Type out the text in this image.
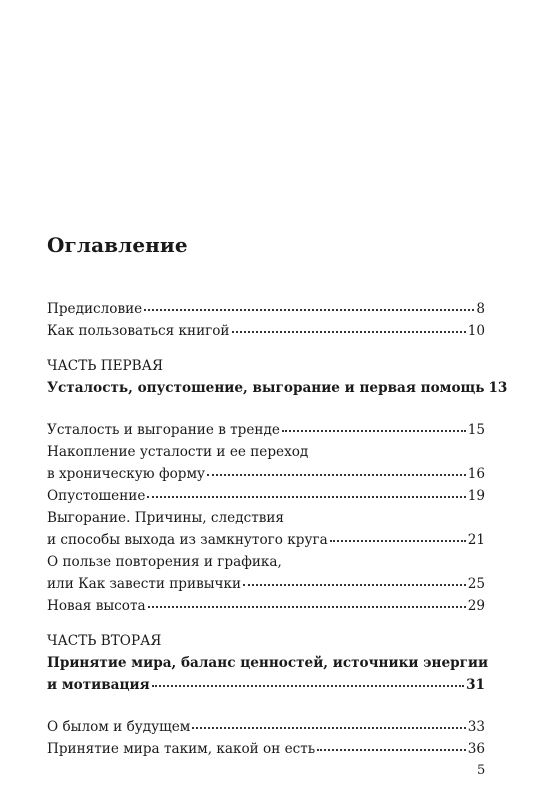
Оглавление
Предисловие	8
Как пользоваться книгой	10
ЧАСТЬ ПЕРВАЯ
Усталость, опустошение, выгорание и первая помощь 13
Усталость и выгорание в тренде	15
Накопление усталости и ее переход
в хроническую форму	16
Опустошение	19
Выгорание. Причины, следствия
и способы выхода из замкнутого круга	21
О пользе повторения и графика,
или Как завести привычки	25
Новая высота	29
ЧАСТЬ ВТОРАЯ
Принятие мира, баланс ценностей, источники энергии
и мотивация	31
О былом и будущем	33
Принятие мира таким, какой он есть	36
5
